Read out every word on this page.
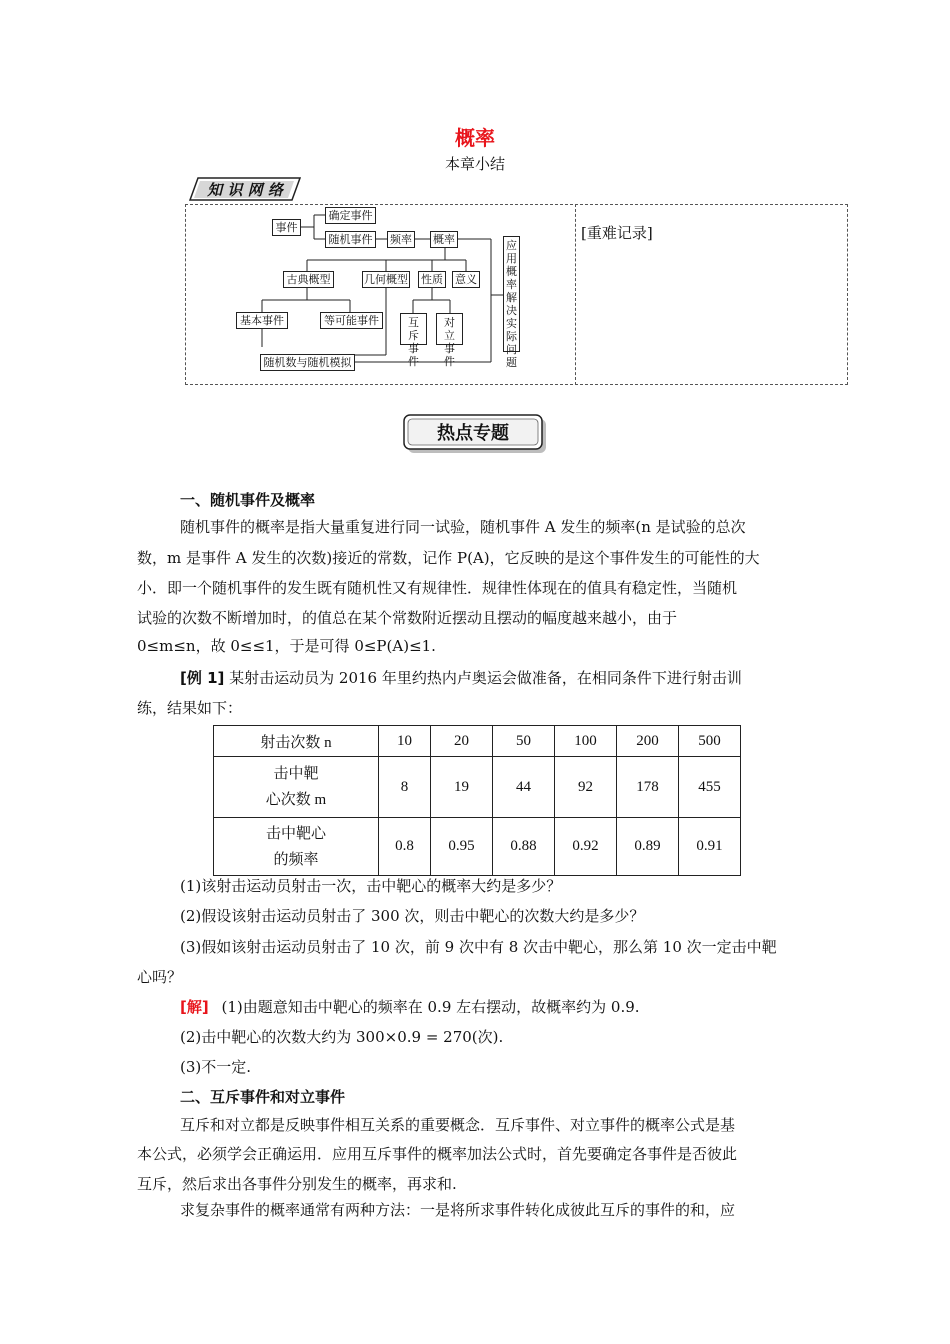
概率
本章小结
知 识 网 络
[重难记录]
事件
确定事件
随机事件	频率 概率
古典概型	几何概型 性质 意义
基本事件	等可能事件	互斥事件
对立事件
随机数与随机模拟
应用概率解决实际问题
热点专题
一、随机事件及概率
随机事件的概率是指大量重复进行同一试验，随机事件 A 发生的频率(n 是试验的总次
数，m 是事件 A 发生的次数)接近的常数，记作 P(A)，它反映的是这个事件发生的可能性的大
小．即一个随机事件的发生既有随机性又有规律性．规律性体现在的值具有稳定性，当随机
试验的次数不断增加时，的值总在某个常数附近摆动且摆动的幅度越来越小，由于
0≤m≤n，故 0≤≤1，于是可得 0≤P(A)≤1.
[例 1] 某射击运动员为 2016 年里约热内卢奥运会做准备，在相同条件下进行射击训
练，结果如下：
射击次数 n	10	20	50	100	200	500

击中靶
心次数 m	8	19	44	92	178	455

击中靶心
的频率	0.8	0.95	0.88	0.92	0.89	0.91
(1)该射击运动员射击一次，击中靶心的概率大约是多少？
(2)假设该射击运动员射击了 300 次，则击中靶心的次数大约是多少？
(3)假如该射击运动员射击了 10 次，前 9 次中有 8 次击中靶心，那么第 10 次一定击中靶
心吗？
[解] (1)由题意知击中靶心的频率在 0.9 左右摆动，故概率约为 0.9.
(2)击中靶心的次数大约为 300×0.9 = 270(次).
(3)不一定.
二、互斥事件和对立事件
互斥和对立都是反映事件相互关系的重要概念．互斥事件、对立事件的概率公式是基
本公式，必须学会正确运用．应用互斥事件的概率加法公式时，首先要确定各事件是否彼此
互斥，然后求出各事件分别发生的概率，再求和.
求复杂事件的概率通常有两种方法：一是将所求事件转化成彼此互斥的事件的和，应
